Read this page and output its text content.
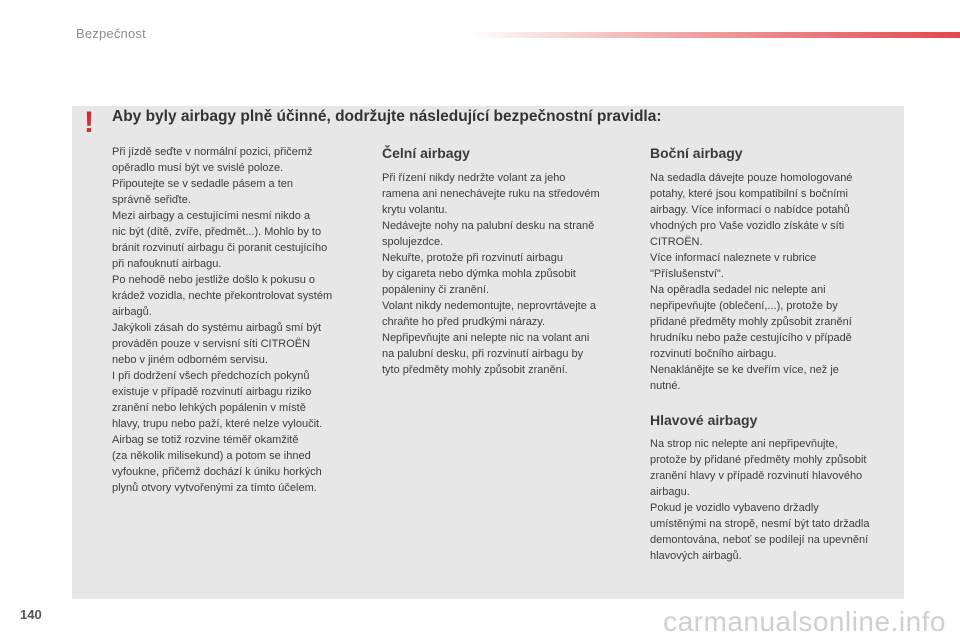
Bezpečnost
! Aby byly airbagy plně účinné, dodržujte následující bezpečnostní pravidla:

Při jízdě seďte v normální pozici, přičemž

opěradlo musí být ve svislé poloze.

Připoutejte se v sedadle pásem a ten

správně seřiďte.

Mezi airbagy a cestujícími nesmí nikdo a

nic být (dítě, zvíře, předmět...). Mohlo by to

bránit rozvinutí airbagu či poranit cestujícího

při nafouknutí airbagu.

Po nehodě nebo jestliže došlo k pokusu o

krádež vozidla, nechte překontrolovat systém

airbagů.

Jakýkoli zásah do systému airbagů smí být

prováděn pouze v servisní síti CITROËN

nebo v jiném odborném servisu.

I při dodržení všech předchozích pokynů

existuje v případě rozvinutí airbagu riziko

zranění nebo lehkých popálenin v místě

hlavy, trupu nebo paží, které nelze vyloučit.

Airbag se totiž rozvine téměř okamžitě

(za několik milisekund) a potom se ihned

vyfoukne, přičemž dochází k úniku horkých

plynů otvory vytvořenými za tímto účelem.

Čelní airbagy

Při řízení nikdy nedržte volant za jeho

ramena ani nenechávejte ruku na středovém

krytu volantu.

Nedávejte nohy na palubní desku na straně

spolujezdce.

Nekuřte, protože při rozvinutí airbagu

by cigareta nebo dýmka mohla způsobit

popáleniny či zranění.

Volant nikdy nedemontujte, neprovrtávejte a

chraňte ho před prudkými nárazy.

Nepřipevňujte ani nelepte nic na volant ani

na palubní desku, při rozvinutí airbagu by

tyto předměty mohly způsobit zranění.

Boční airbagy

Na sedadla dávejte pouze homologované

potahy, které jsou kompatibilní s bočními

airbagy. Více informací o nabídce potahů

vhodných pro Vaše vozidlo získáte v síti

CITROËN.

Více informací naleznete v rubrice

"Příslušenství".

Na opěradla sedadel nic nelepte ani

nepřipevňujte (oblečení,...), protože by

přidané předměty mohly způsobit zranění

hrudníku nebo paže cestujícího v případě

rozvinutí bočního airbagu.

Nenaklánějte se ke dveřím více, než je

nutné.

Hlavové airbagy

Na strop nic nelepte ani nepřipevňujte,

protože by přidané předměty mohly způsobit

zranění hlavy v případě rozvinutí hlavového

airbagu.

Pokud je vozidlo vybaveno držadly

umístěnými na stropě, nesmí být tato držadla

demontována, neboť se podílejí na upevnění

hlavových airbagů.

140	carmanualsonline.info
